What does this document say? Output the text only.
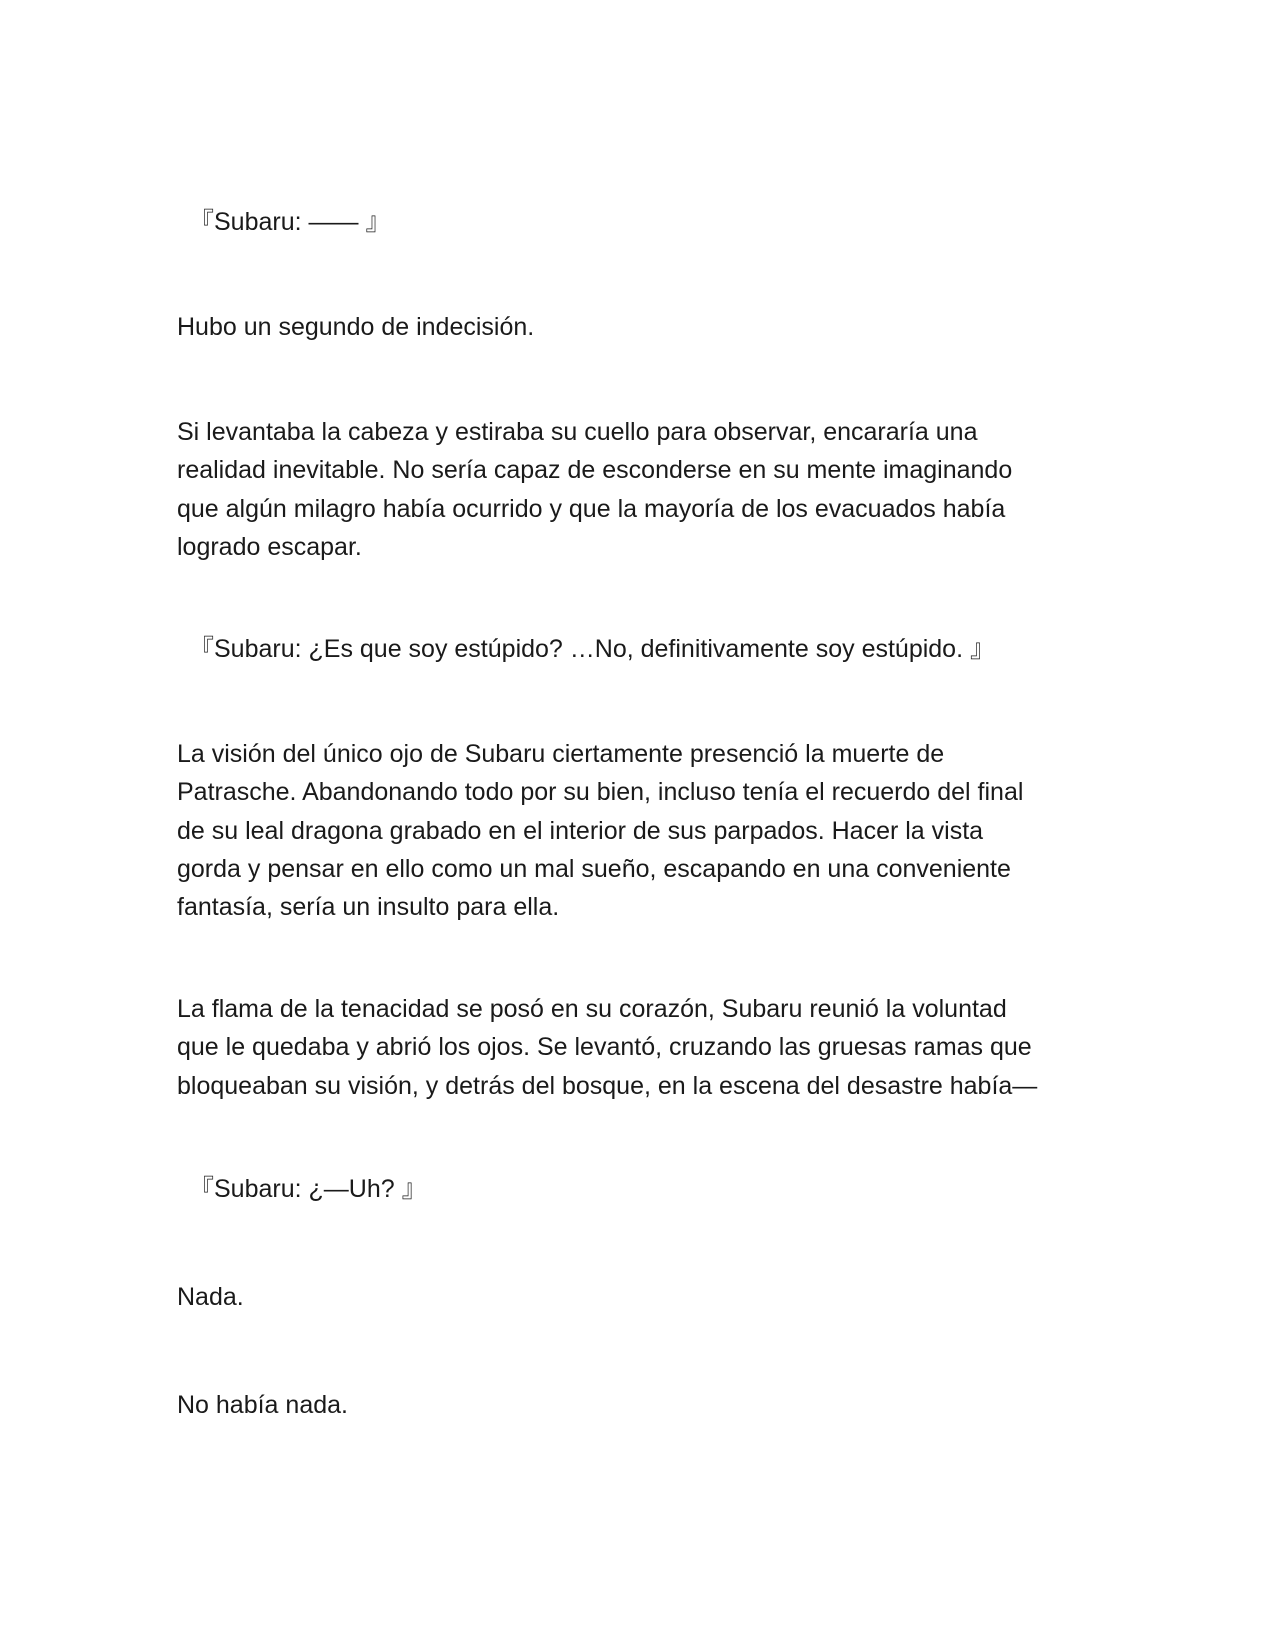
『Subaru: —— 』
Hubo un segundo de indecisión.
Si levantaba la cabeza y estiraba su cuello para observar, encararía una
realidad inevitable. No sería capaz de esconderse en su mente imaginando
que algún milagro había ocurrido y que la mayoría de los evacuados había
logrado escapar.
『Subaru: ¿Es que soy estúpido? …No, definitivamente soy estúpido. 』
La visión del único ojo de Subaru ciertamente presenció la muerte de
Patrasche. Abandonando todo por su bien, incluso tenía el recuerdo del final
de su leal dragona grabado en el interior de sus parpados. Hacer la vista
gorda y pensar en ello como un mal sueño, escapando en una conveniente
fantasía, sería un insulto para ella.
La flama de la tenacidad se posó en su corazón, Subaru reunió la voluntad
que le quedaba y abrió los ojos. Se levantó, cruzando las gruesas ramas que
bloqueaban su visión, y detrás del bosque, en la escena del desastre había—
『Subaru: ¿—Uh? 』
Nada.
No había nada.
